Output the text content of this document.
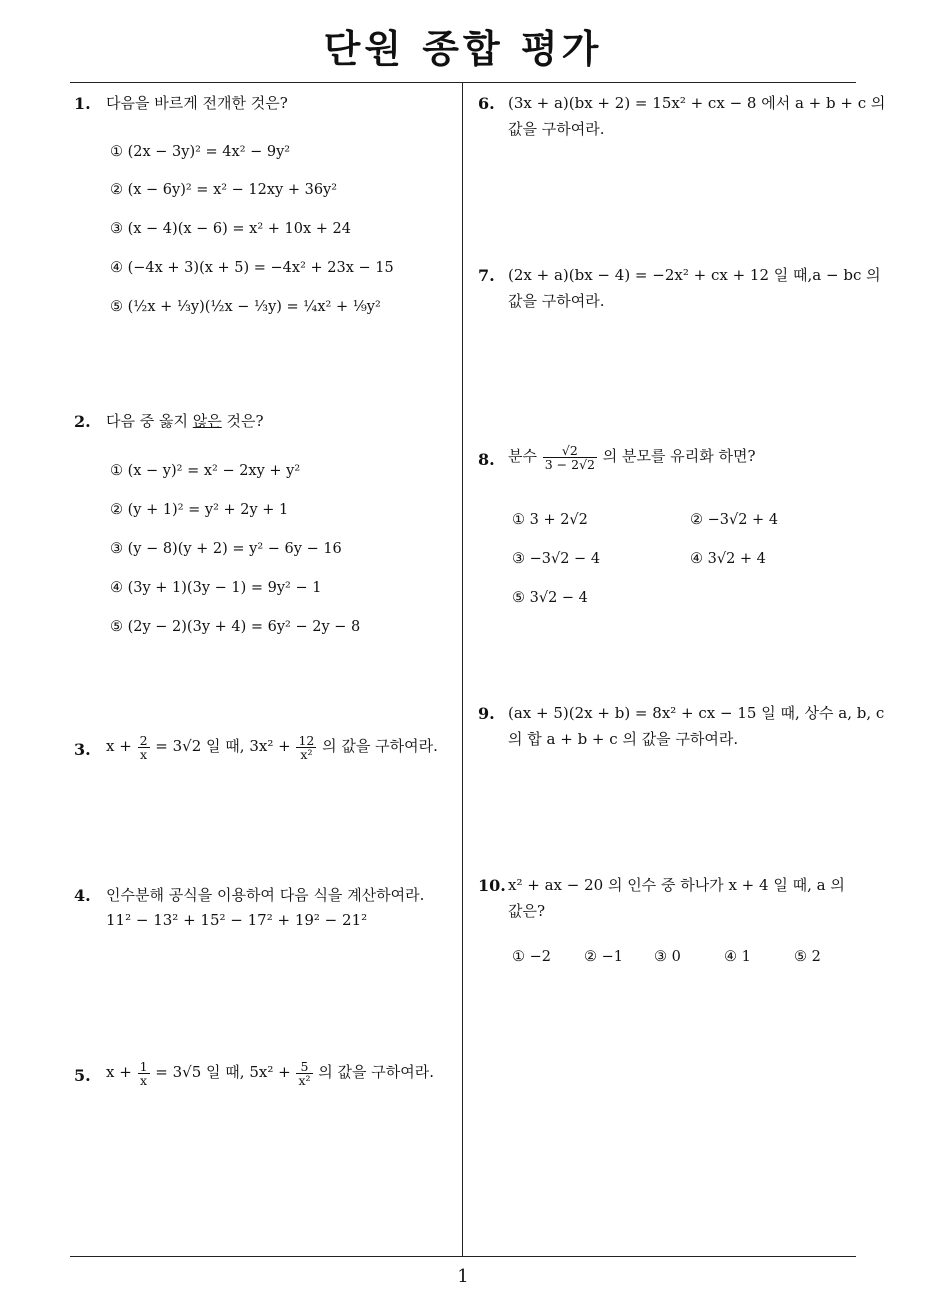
단원 종합 평가
1
1. 다음을 바르게 전개한 것은?
① (2x − 3y)² = 4x² − 9y²
② (x − 6y)² = x² − 12xy + 36y²
③ (x − 4)(x − 6) = x² + 10x + 24
④ (−4x + 3)(x + 5) = −4x² + 23x − 15
⑤ (½x + ⅓y)(½x − ⅓y) = ¼x² + ⅑y²
2. 다음 중 옳지 않은 것은?
① (x − y)² = x² − 2xy + y²
② (y + 1)² = y² + 2y + 1
③ (y − 8)(y + 2) = y² − 6y − 16
④ (3y + 1)(3y − 1) = 9y² − 1
⑤ (2y − 2)(3y + 4) = 6y² − 2y − 8
3. $x + \frac{2}{x} = 3√2$ 일 때, $3x^2 + \frac{12}{\text{x²}}$ 의 값을 구하여라.
4. 인수분해 공식을 이용하여 다음 식을 계산하여라.
11² − 13² + 15² − 17² + 19² − 21²
5. $x + \frac{1}{x} = 3√5$ 일 때, $5x^2 + \frac{5}{\text{x²}}$ 의 값을 구하여라.
6. (3x + a)(bx + 2) = 15x² + cx − 8 에서 a + b + c 의
값을 구하여라.
7. (2x + a)(bx − 4) = −2x² + cx + 12 일 때,a − bc 의
값을 구하여라.
8. 분수 $\frac{√2}{3 - 2√2}$ 의 분모를 유리화 하면?
① 3 + 2√2	② −3√2 + 4
③ −3√2 − 4	④ 3√2 + 4
⑤ 3√2 − 4
9. (ax + 5)(2x + b) = 8x² + cx − 15 일 때, 상수 a, b, c
의 합 a + b + c 의 값을 구하여라.
10. x² + ax − 20 의 인수 중 하나가 x + 4 일 때, a 의
값은?
① −2 ② −1 ③ 0	④ 1	⑤ 2
